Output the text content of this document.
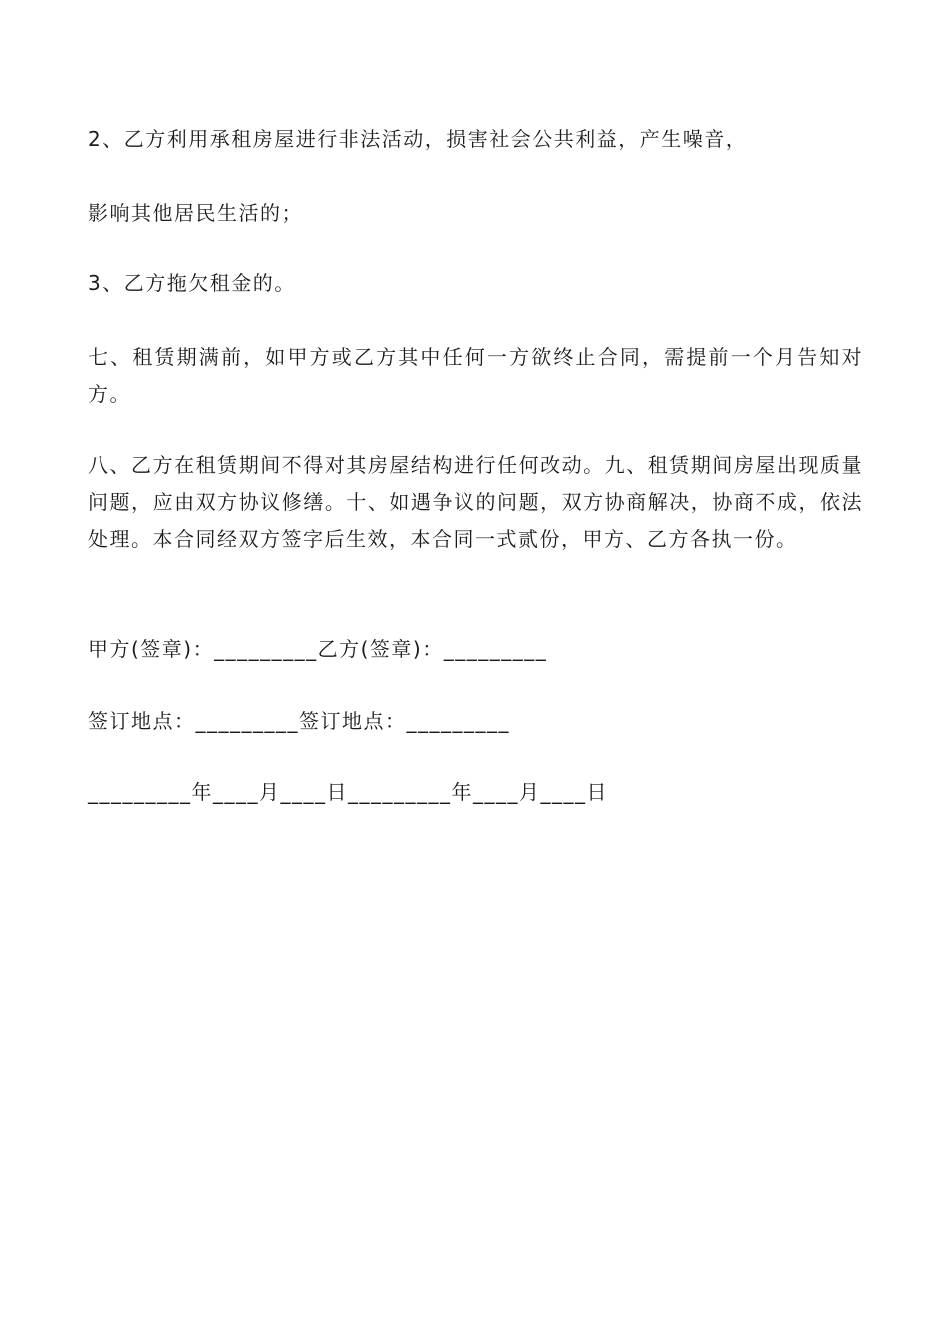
2、乙方利用承租房屋进行非法活动，损害社会公共利益，产生噪音，

影响其他居民生活的；

3、乙方拖欠租金的。

七、租赁期满前，如甲方或乙方其中任何一方欲终止合同，需提前一个月告知对方。

八、乙方在租赁期间不得对其房屋结构进行任何改动。九、租赁期间房屋出现质量问题，应由双方协议修缮。十、如遇争议的问题，双方协商解决，协商不成，依法处理。本合同经双方签字后生效，本合同一式贰份，甲方、乙方各执一份。

甲方(签章)：_________乙方(签章)：_________

签订地点：_________签订地点：_________

_________年____月____日_________年____月____日
